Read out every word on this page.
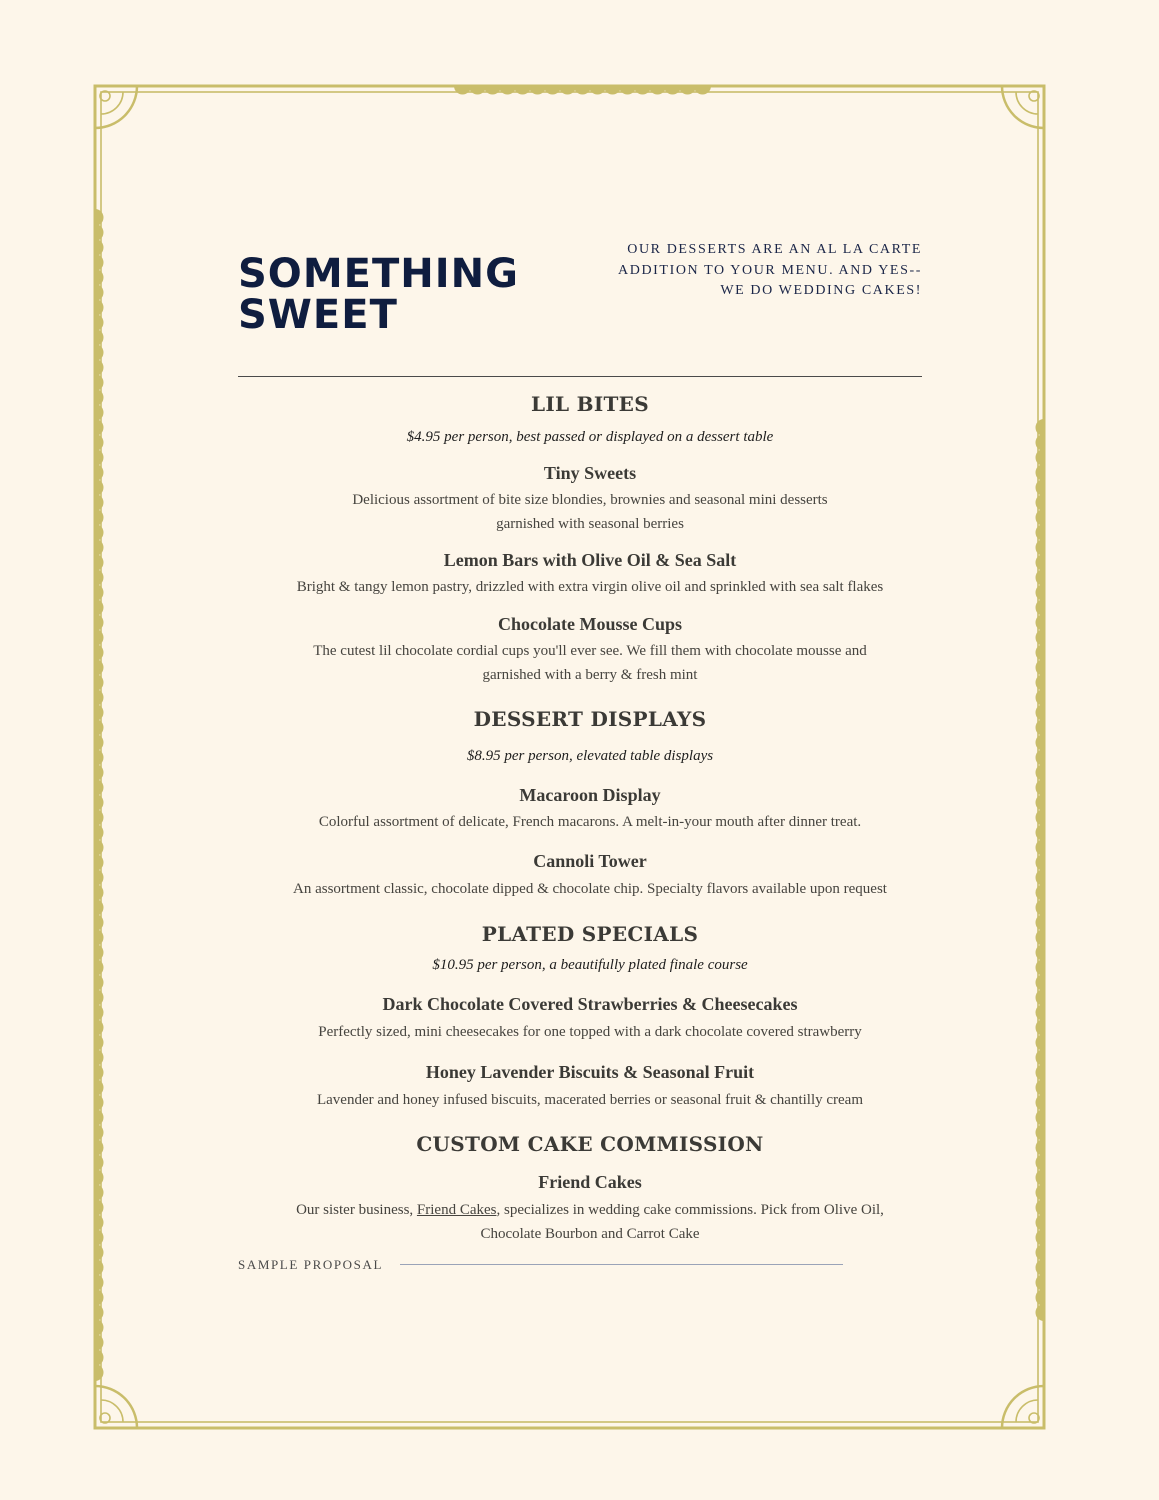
SOMETHING
SWEET

OUR DESSERTS ARE AN AL LA CARTE
ADDITION TO YOUR MENU. AND YES--
WE DO WEDDING CAKES!

LIL BITES
$4.95 per person, best passed or displayed on a dessert table
Tiny Sweets
Delicious assortment of bite size blondies, brownies and seasonal mini desserts
garnished with seasonal berries
Lemon Bars with Olive Oil & Sea Salt
Bright & tangy lemon pastry, drizzled with extra virgin olive oil and sprinkled with sea salt flakes
Chocolate Mousse Cups
The cutest lil chocolate cordial cups you'll ever see. We fill them with chocolate mousse and
garnished with a berry & fresh mint
DESSERT DISPLAYS
$8.95 per person, elevated table displays
Macaroon Display
Colorful assortment of delicate, French macarons. A melt-in-your mouth after dinner treat.
Cannoli Tower
An assortment classic, chocolate dipped & chocolate chip. Specialty flavors available upon request
PLATED SPECIALS
$10.95 per person, a beautifully plated finale course
Dark Chocolate Covered Strawberries & Cheesecakes
Perfectly sized, mini cheesecakes for one topped with a dark chocolate covered strawberry
Honey Lavender Biscuits & Seasonal Fruit
Lavender and honey infused biscuits, macerated berries or seasonal fruit & chantilly cream
CUSTOM CAKE COMMISSION
Friend Cakes
Our sister business, Friend Cakes, specializes in wedding cake commissions. Pick from Olive Oil,
Chocolate Bourbon and Carrot Cake
SAMPLE PROPOSAL
